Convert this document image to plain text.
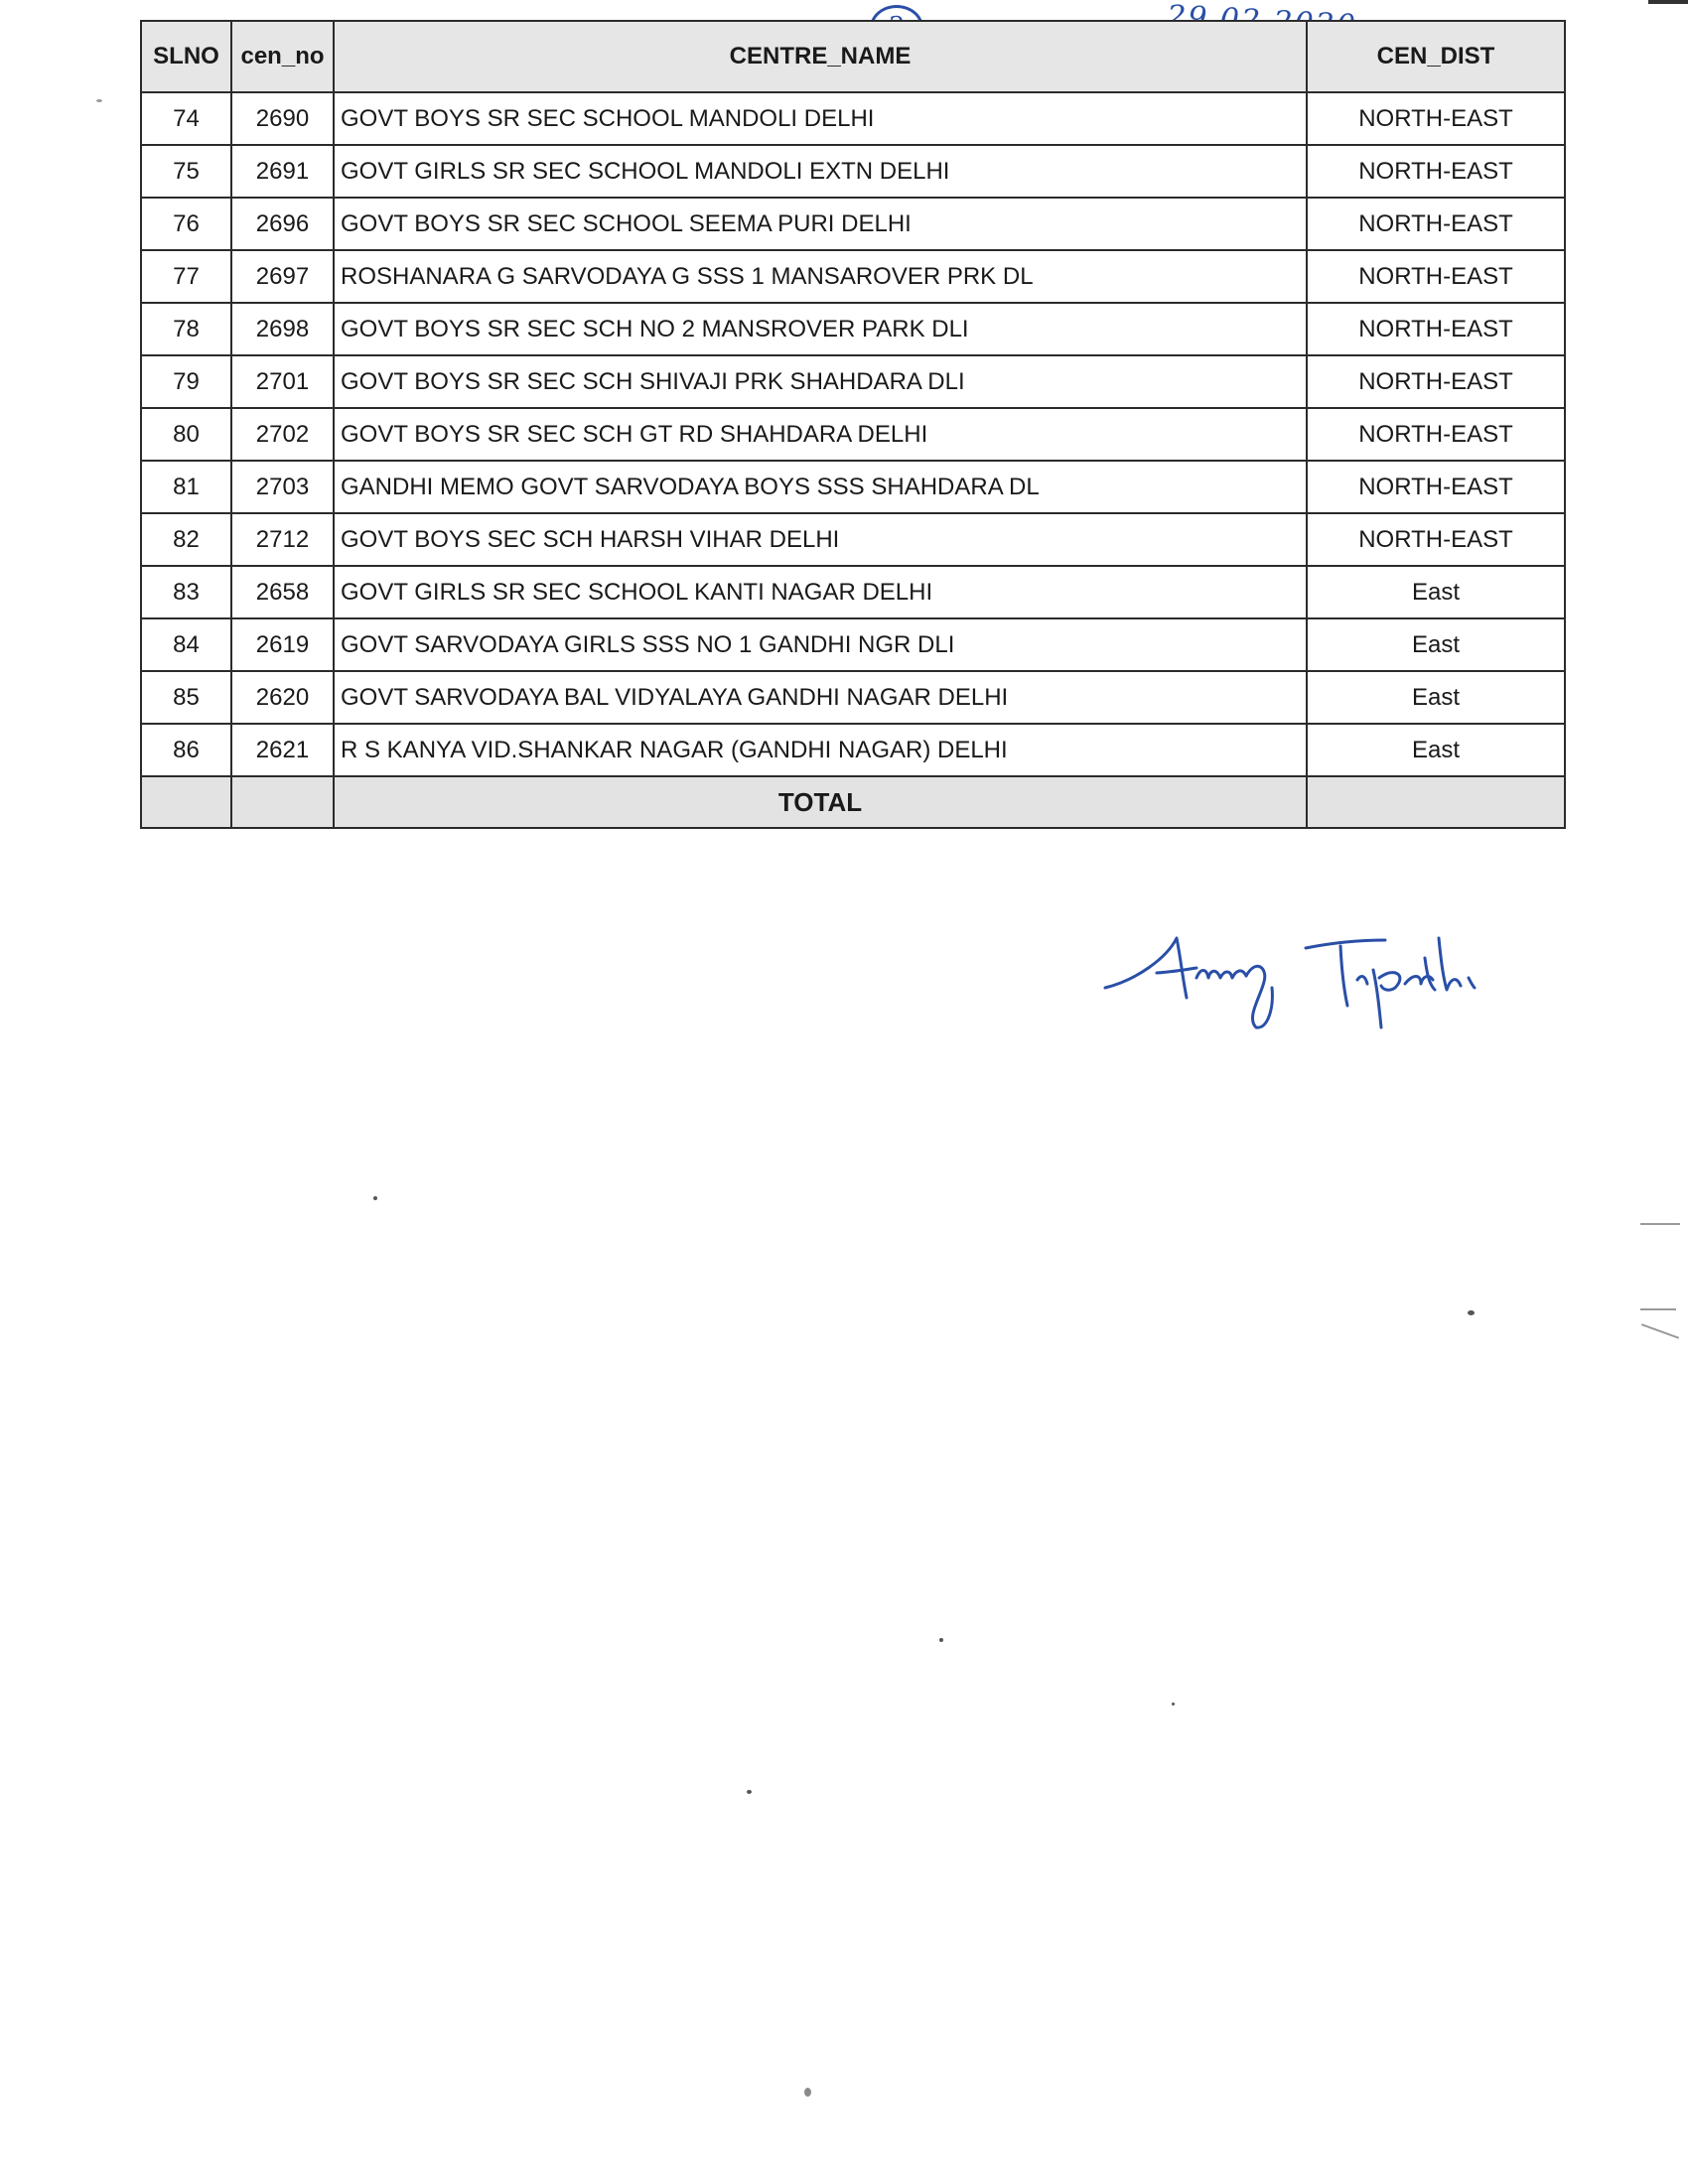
SLNO	cen_no	CENTRE_NAME	CEN_DIST
74	2690	GOVT BOYS SR SEC SCHOOL MANDOLI DELHI	NORTH-EAST
75	2691	GOVT GIRLS SR SEC SCHOOL MANDOLI EXTN DELHI	NORTH-EAST
76	2696	GOVT BOYS SR SEC SCHOOL SEEMA PURI DELHI	NORTH-EAST
77	2697	ROSHANARA G SARVODAYA G SSS 1 MANSAROVER PRK DL	NORTH-EAST
78	2698	GOVT BOYS SR SEC SCH NO 2 MANSROVER PARK DLI	NORTH-EAST
79	2701	GOVT BOYS SR SEC SCH SHIVAJI PRK SHAHDARA DLI	NORTH-EAST
80	2702	GOVT BOYS SR SEC SCH GT RD SHAHDARA DELHI	NORTH-EAST
81	2703	GANDHI MEMO GOVT SARVODAYA BOYS SSS SHAHDARA DL	NORTH-EAST
82	2712	GOVT BOYS SEC SCH HARSH VIHAR DELHI	NORTH-EAST
83	2658	GOVT GIRLS SR SEC SCHOOL KANTI NAGAR DELHI	East
84	2619	GOVT SARVODAYA GIRLS SSS NO 1 GANDHI NGR DLI	East
85	2620	GOVT SARVODAYA BAL VIDYALAYA GANDHI NAGAR DELHI	East
86	2621	R S KANYA VID.SHANKAR NAGAR (GANDHI NAGAR) DELHI	East
		TOTAL	
Anurag Tripathi
